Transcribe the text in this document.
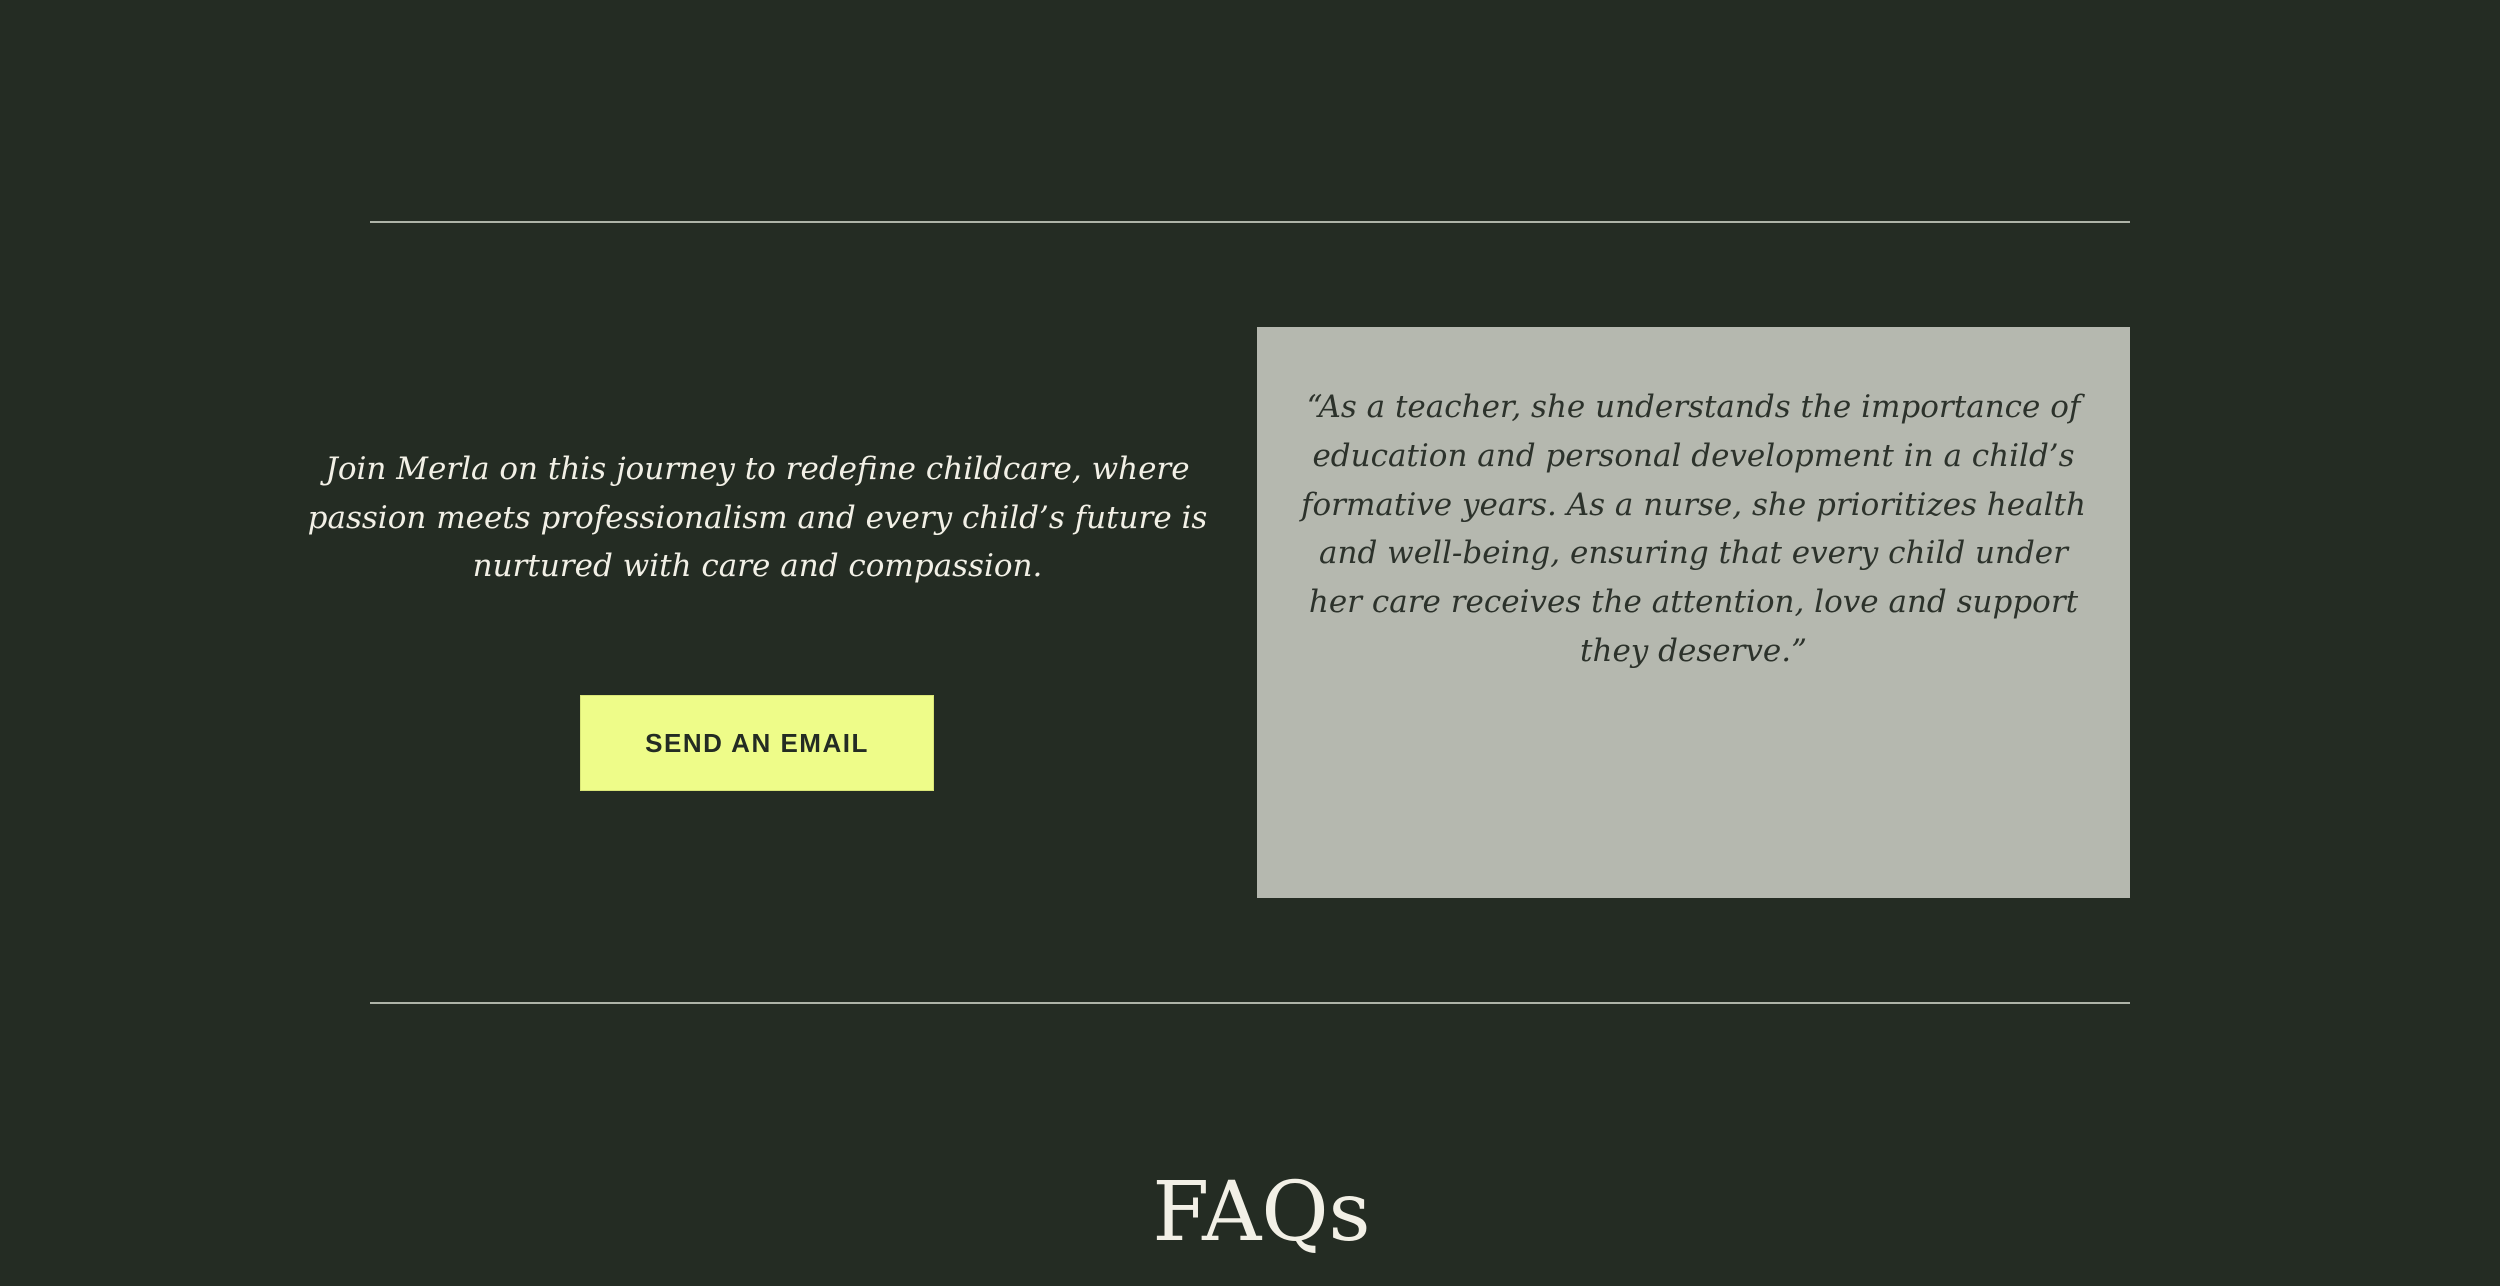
Join Merla on this journey to redefine childcare, where passion meets professionalism and every child’s future is nurtured with care and compassion.

SEND AN EMAIL

“As a teacher, she understands the importance of education and personal development in a child’s formative years. As a nurse, she prioritizes health and well-being, ensuring that every child under her care receives the attention, love and support they deserve.”

FAQs
